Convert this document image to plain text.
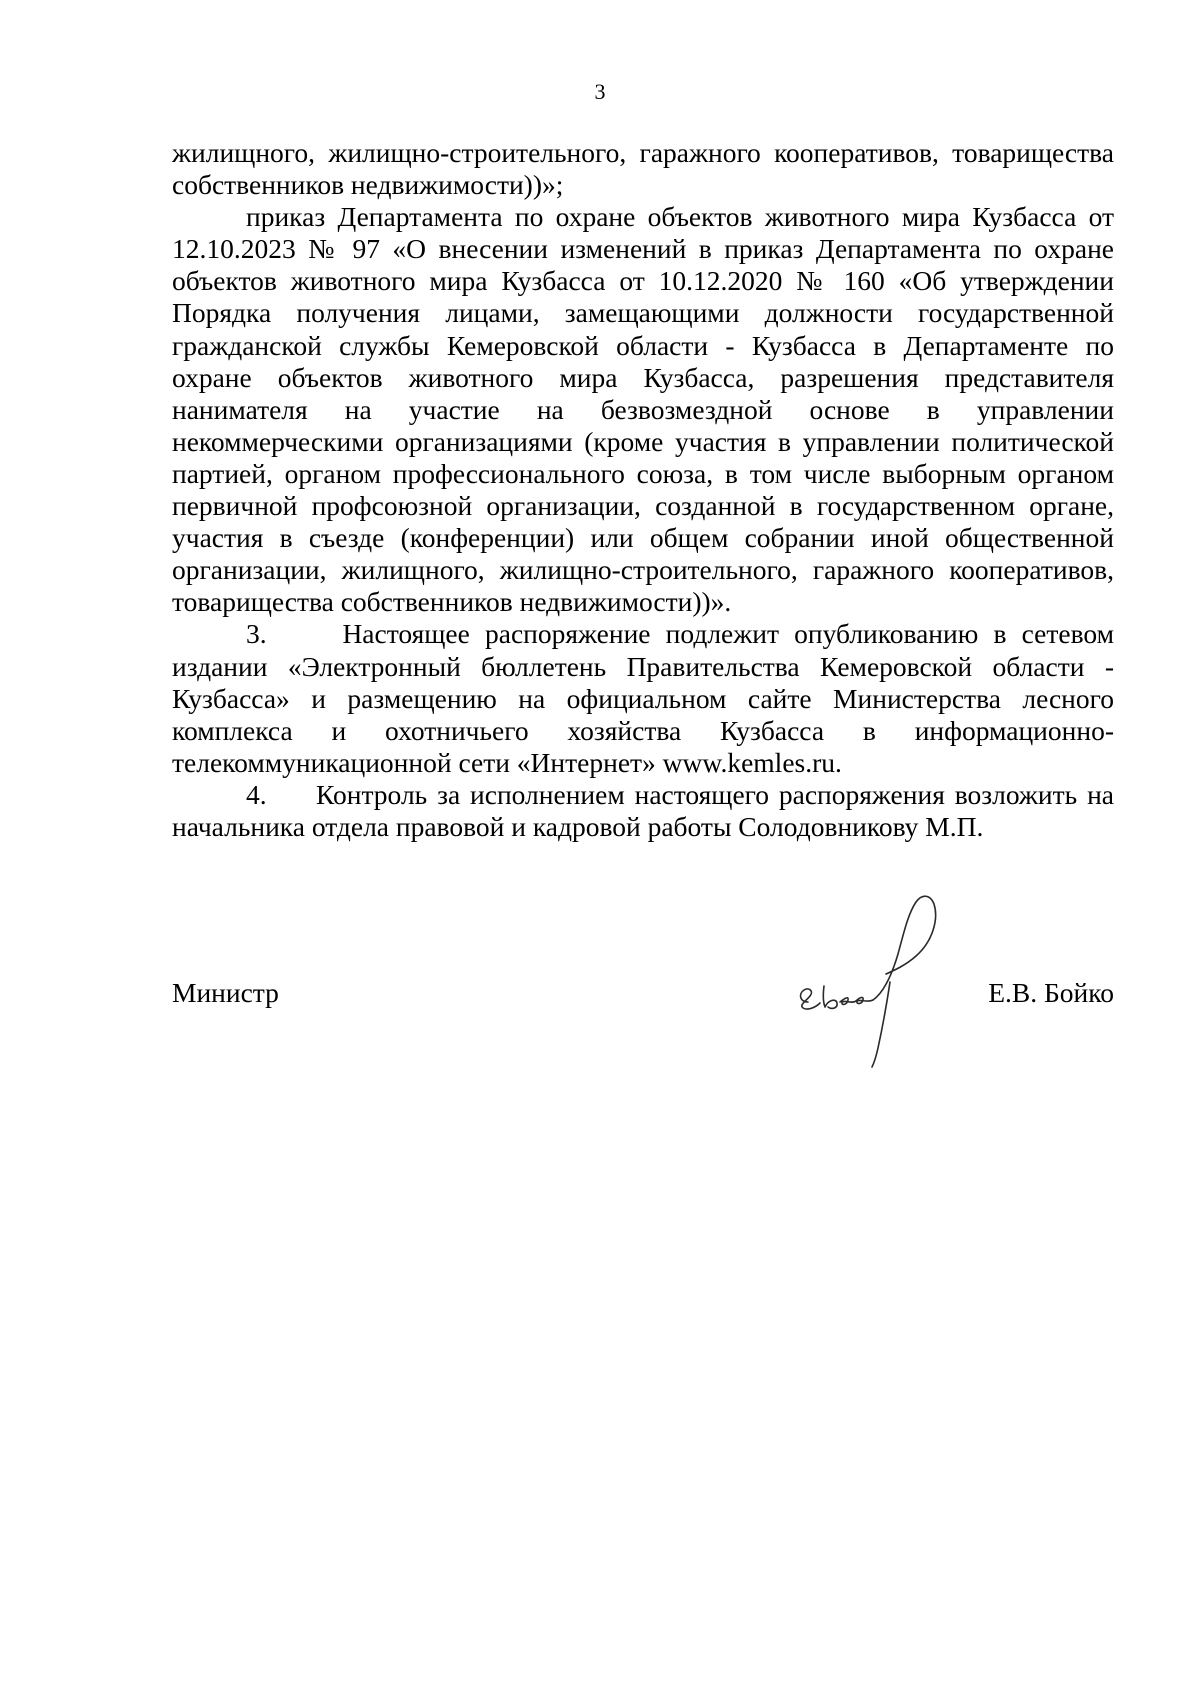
3

жилищного, жилищно-строительного, гаражного кооперативов, товарищества собственников недвижимости))»;

приказ Департамента по охране объектов животного мира Кузбасса от 12.10.2023 № 97 «О внесении изменений в приказ Департамента по охране объектов животного мира Кузбасса от 10.12.2020 № 160 «Об утверждении Порядка получения лицами, замещающими должности государственной гражданской службы Кемеровской области - Кузбасса в Департаменте по охране объектов животного мира Кузбасса, разрешения представителя нанимателя на участие на безвозмездной основе в управлении некоммерческими организациями (кроме участия в управлении политической партией, органом профессионального союза, в том числе выборным органом первичной профсоюзной организации, созданной в государственном органе, участия в съезде (конференции) или общем собрании иной общественной организации, жилищного, жилищно-строительного, гаражного кооперативов, товарищества собственников недвижимости))».

3.     Настоящее распоряжение подлежит опубликованию в сетевом издании «Электронный бюллетень Правительства Кемеровской области - Кузбасса» и размещению на официальном сайте Министерства лесного комплекса и охотничьего хозяйства Кузбасса в информационно-телекоммуникационной сети «Интернет» www.kemles.ru.

4.     Контроль за исполнением настоящего распоряжения возложить на начальника отдела правовой и кадровой работы Солодовникову М.П.

Министр	Е.В. Бойко
